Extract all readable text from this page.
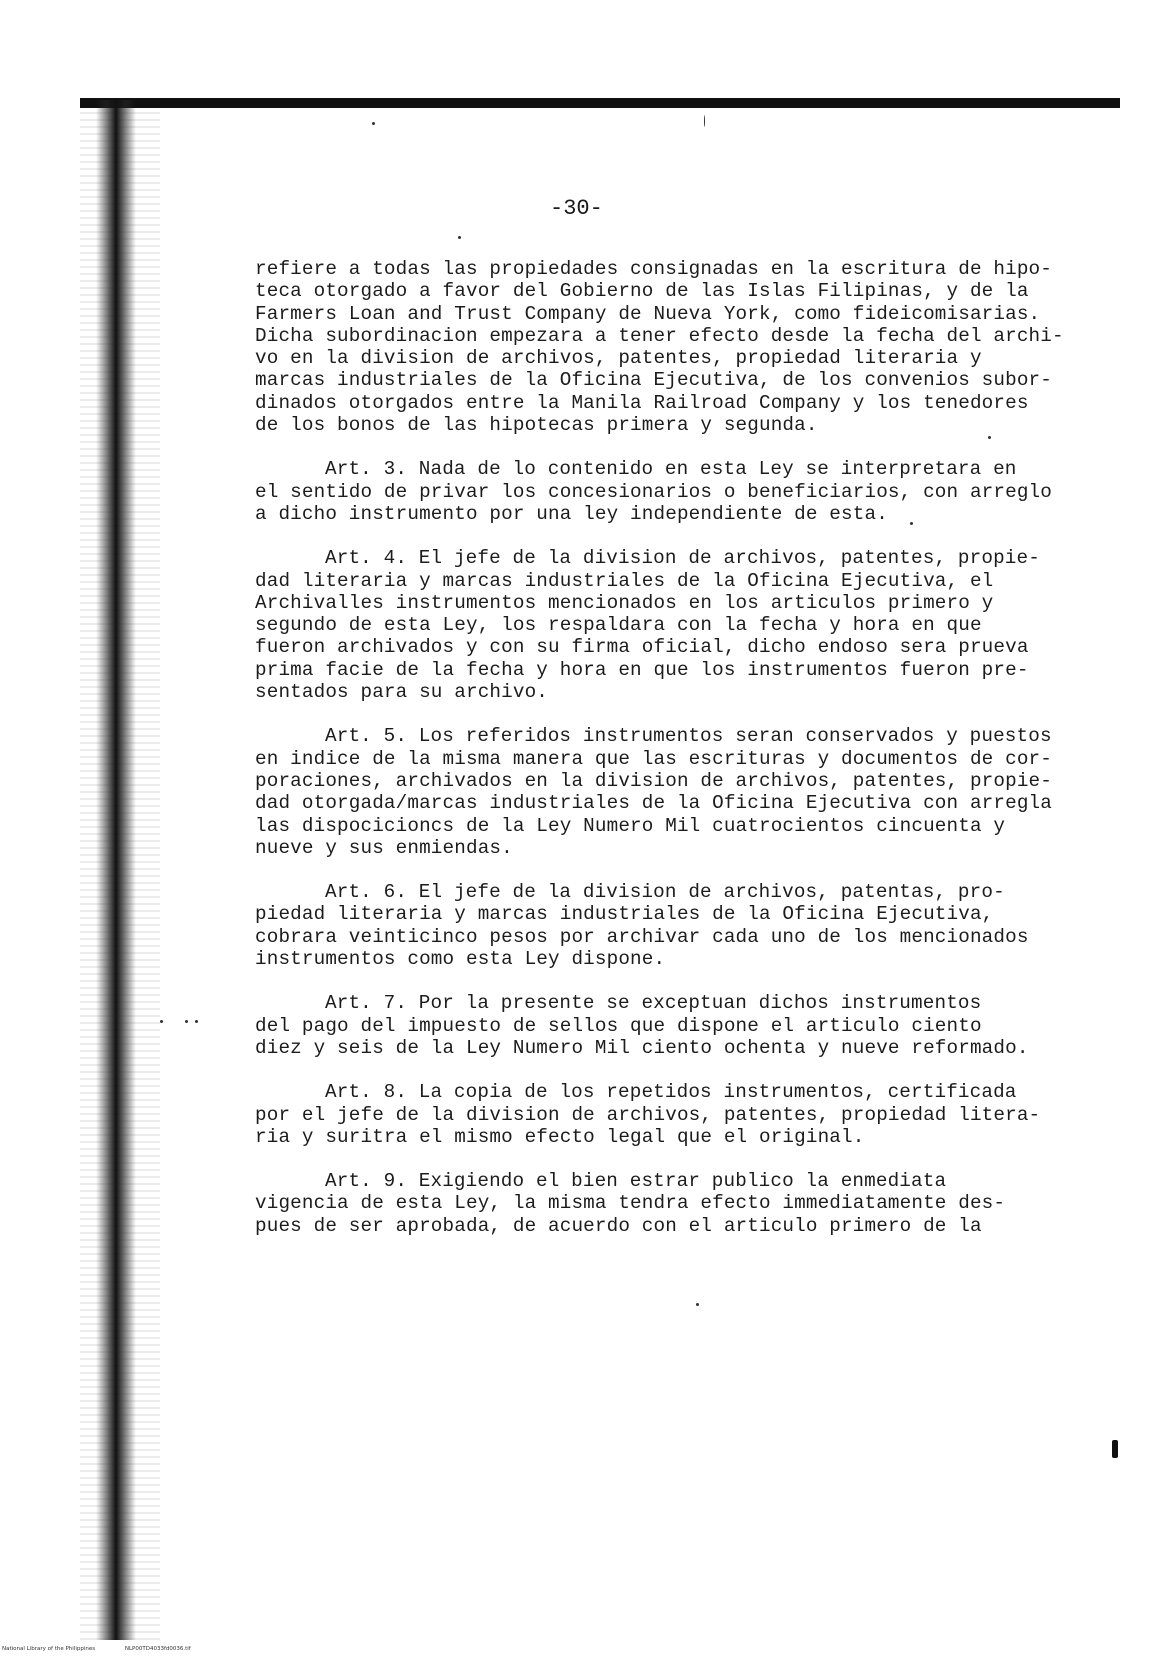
-30-
refiere a todas las propiedades consignadas en la escritura de hipo-
teca otorgado a favor del Gobierno de las Islas Filipinas, y de la
Farmers Loan and Trust Company de Nueva York, como fideicomisarias.
Dicha subordinacion empezara a tener efecto desde la fecha del archi-
vo en la division de archivos, patentes, propiedad literaria y
marcas industriales de la Oficina Ejecutiva, de los convenios subor-
dinados otorgados entre la Manila Railroad Company y los tenedores
de los bonos de las hipotecas primera y segunda.
Art. 3. Nada de lo contenido en esta Ley se interpretara en
el sentido de privar los concesionarios o beneficiarios, con arreglo
a dicho instrumento por una ley independiente de esta.
Art. 4. El jefe de la division de archivos, patentes, propie-
dad literaria y marcas industriales de la Oficina Ejecutiva, el
Archivalles instrumentos mencionados en los articulos primero y
segundo de esta Ley, los respaldara con la fecha y hora en que
fueron archivados y con su firma oficial, dicho endoso sera prueva
prima facie de la fecha y hora en que los instrumentos fueron pre-
sentados para su archivo.
Art. 5. Los referidos instrumentos seran conservados y puestos
en indice de la misma manera que las escrituras y documentos de cor-
poraciones, archivados en la division de archivos, patentes, propie-
dad otorgada/marcas industriales de la Oficina Ejecutiva con arregla
las dispocicioncs de la Ley Numero Mil cuatrocientos cincuenta y
nueve y sus enmiendas.
Art. 6. El jefe de la division de archivos, patentas, pro-
piedad literaria y marcas industriales de la Oficina Ejecutiva,
cobrara veinticinco pesos por archivar cada uno de los mencionados
instrumentos como esta Ley dispone.
Art. 7. Por la presente se exceptuan dichos instrumentos
del pago del impuesto de sellos que dispone el articulo ciento
diez y seis de la Ley Numero Mil ciento ochenta y nueve reformado.
Art. 8. La copia de los repetidos instrumentos, certificada
por el jefe de la division de archivos, patentes, propiedad litera-
ria y suritra el mismo efecto legal que el original.
Art. 9. Exigiendo el bien estrar publico la enmediata
vigencia de esta Ley, la misma tendra efecto immediatamente des-
pues de ser aprobada, de acuerdo con el articulo primero de la
National Library of the Philippines	NLP00TD4033fd0036.tif
